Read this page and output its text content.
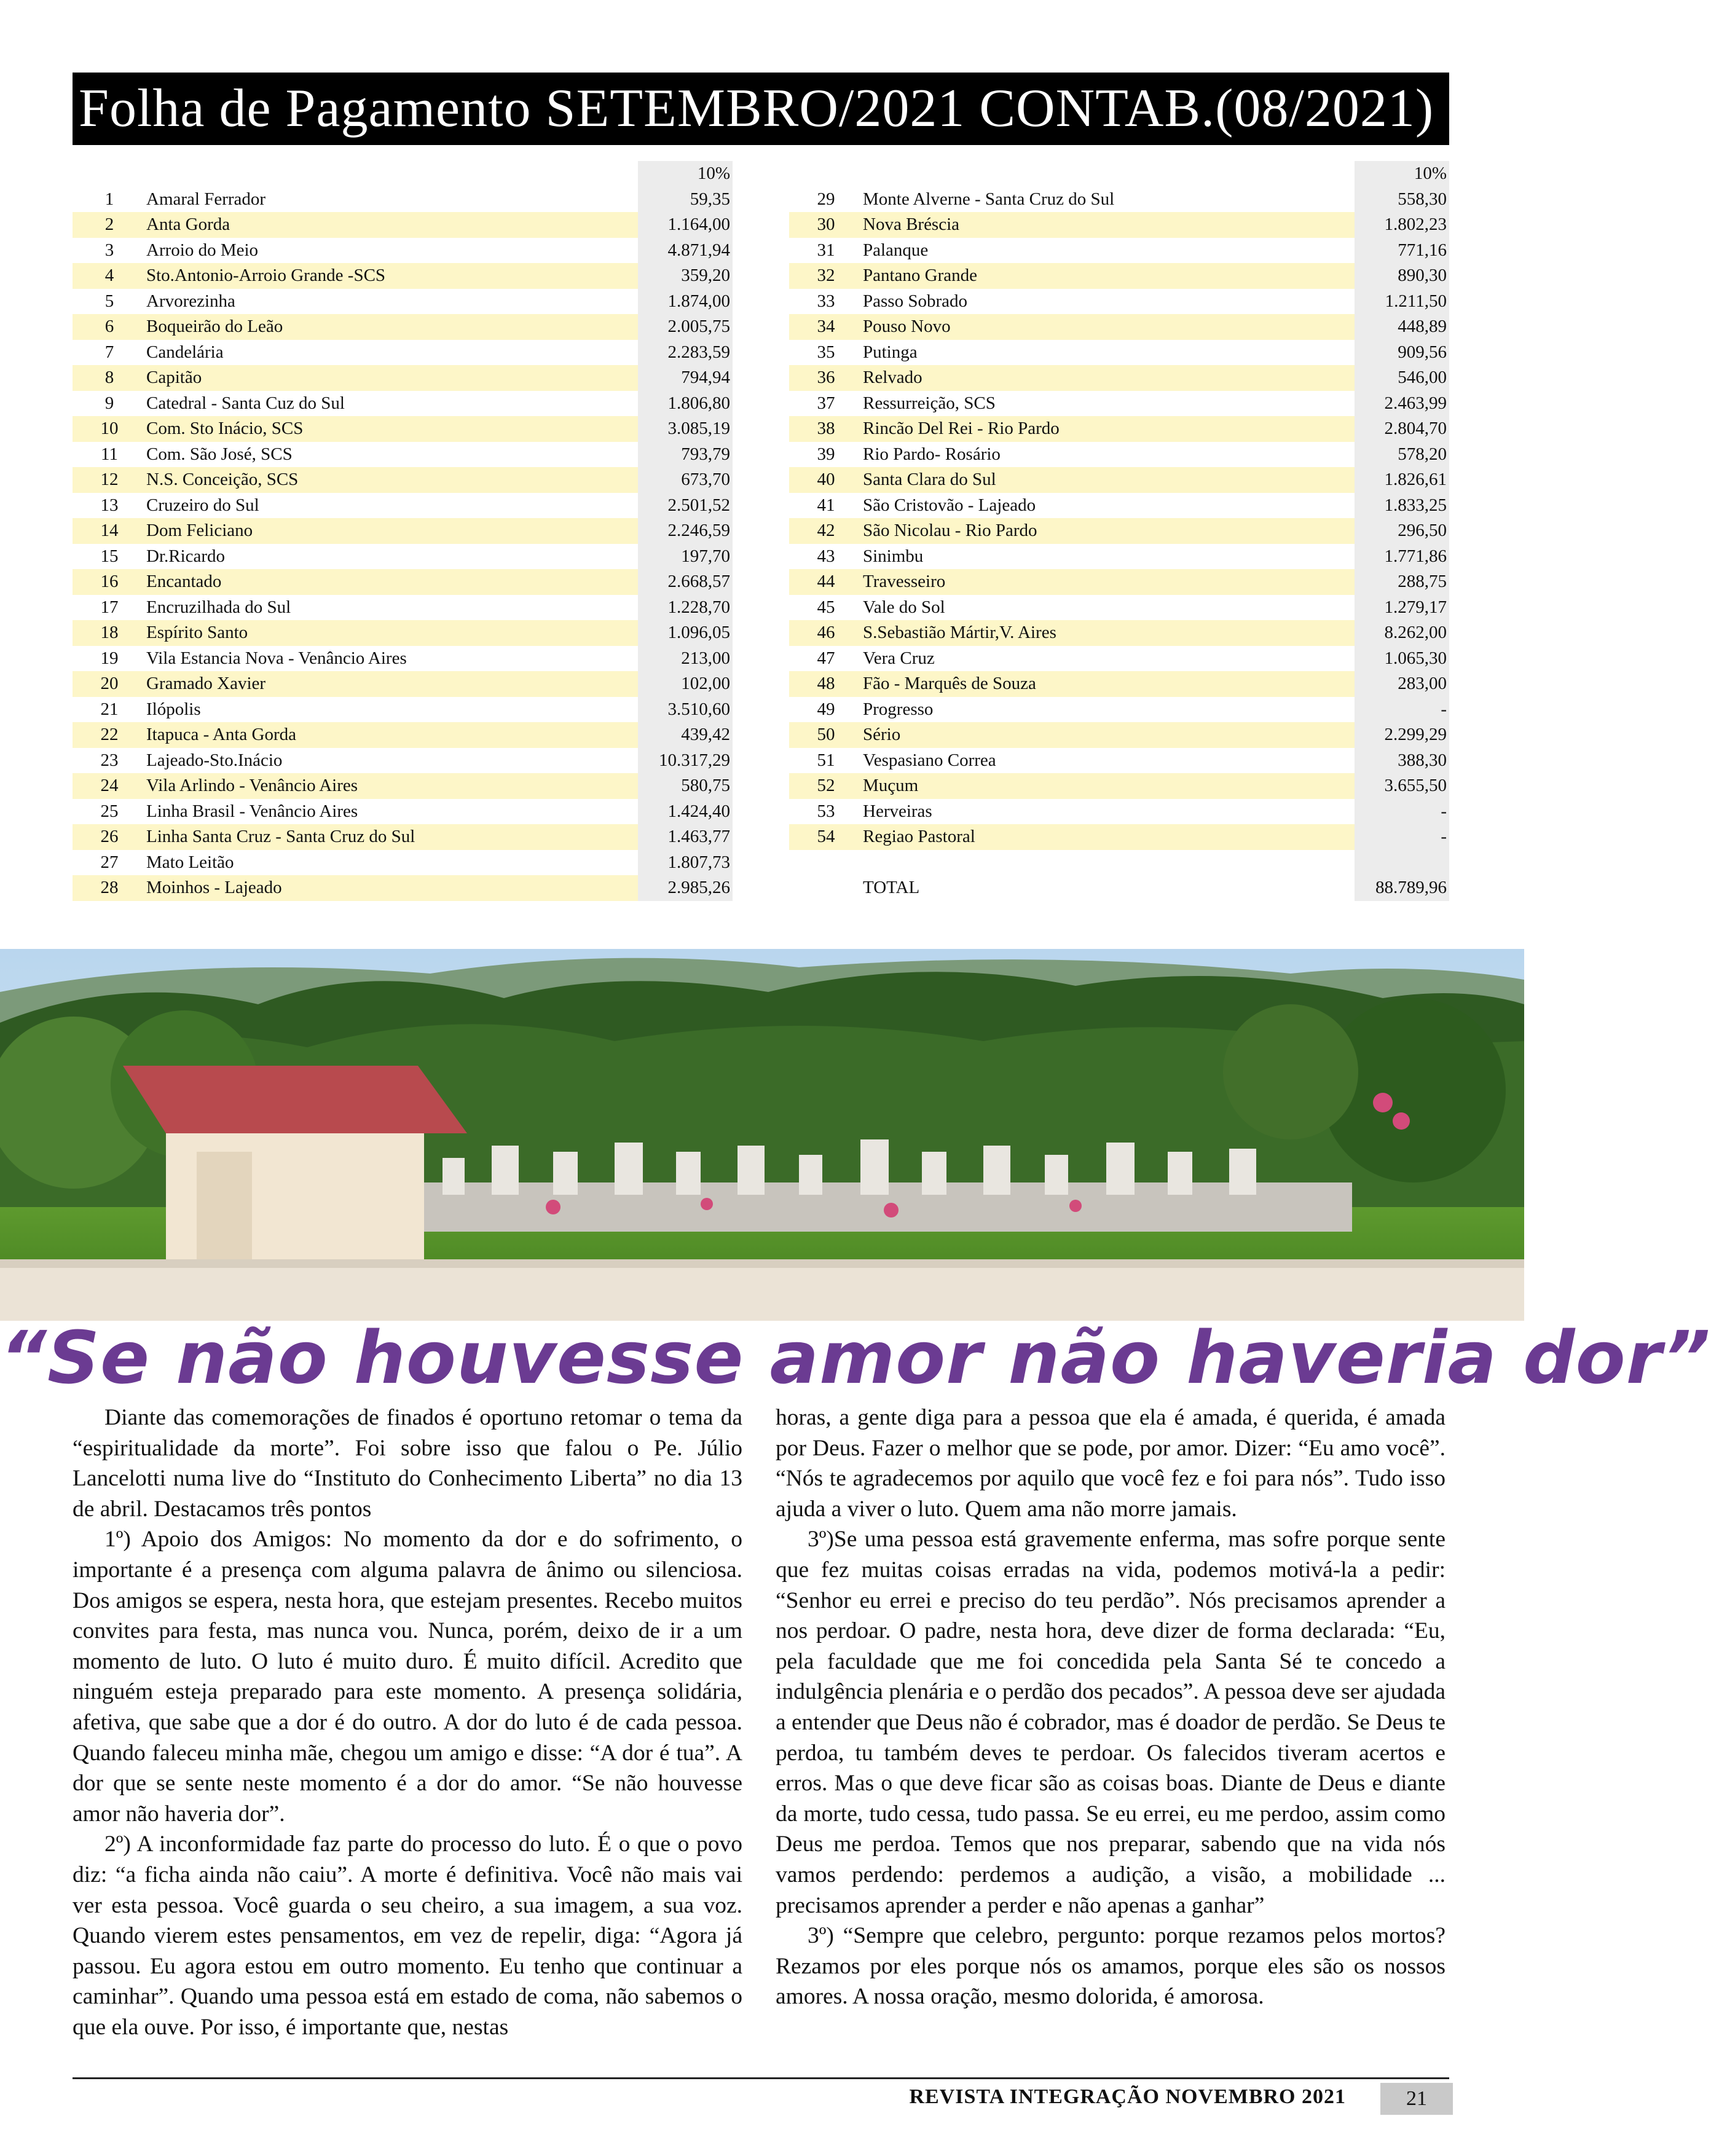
Folha de Pagamento SETEMBRO/2021 CONTAB.(08/2021)
		10%
1	Amaral Ferrador	59,35
2	Anta Gorda	1.164,00
3	Arroio do Meio	4.871,94
4	Sto.Antonio-Arroio Grande -SCS	359,20
5	Arvorezinha	1.874,00
6	Boqueirão do Leão	2.005,75
7	Candelária	2.283,59
8	Capitão	794,94
9	Catedral - Santa Cuz do Sul	1.806,80
10	Com. Sto Inácio, SCS	3.085,19
11	Com. São José, SCS	793,79
12	N.S. Conceição, SCS	673,70
13	Cruzeiro do Sul	2.501,52
14	Dom Feliciano	2.246,59
15	Dr.Ricardo	197,70
16	Encantado	2.668,57
17	Encruzilhada do Sul	1.228,70
18	Espírito Santo	1.096,05
19	Vila Estancia Nova - Venâncio Aires	213,00
20	Gramado Xavier	102,00
21	Ilópolis	3.510,60
22	Itapuca - Anta Gorda	439,42
23	Lajeado-Sto.Inácio	10.317,29
24	Vila Arlindo - Venâncio Aires	580,75
25	Linha Brasil - Venâncio Aires	1.424,40
26	Linha Santa Cruz - Santa Cruz do Sul	1.463,77
27	Mato Leitão	1.807,73
28	Moinhos - Lajeado	2.985,26
		10%
29	Monte Alverne - Santa Cruz do Sul	558,30
30	Nova Bréscia	1.802,23
31	Palanque	771,16
32	Pantano Grande	890,30
33	Passo Sobrado	1.211,50
34	Pouso Novo	448,89
35	Putinga	909,56
36	Relvado	546,00
37	Ressurreição, SCS	2.463,99
38	Rincão Del Rei - Rio Pardo	2.804,70
39	Rio Pardo- Rosário	578,20
40	Santa Clara do Sul	1.826,61
41	São Cristovão - Lajeado	1.833,25
42	São Nicolau - Rio Pardo	296,50
43	Sinimbu	1.771,86
44	Travesseiro	288,75
45	Vale do Sol	1.279,17
46	S.Sebastião Mártir,V. Aires	8.262,00
47	Vera Cruz	1.065,30
48	Fão - Marquês de Souza	283,00
49	Progresso	-
50	Sério	2.299,29
51	Vespasiano Correa	388,30
52	Muçum	3.655,50
53	Herveiras	-
54	Regiao Pastoral	-

	TOTAL	88.789,96
“Se não houvesse amor não haveria dor”

Diante das comemorações de finados é oportuno retomar o tema da “espiritualidade da morte”. Foi sobre isso que falou o Pe. Júlio Lancelotti numa live do “Instituto do Conhecimento Liberta” no dia 13 de abril. Destacamos três pontos

1º) Apoio dos Amigos: No momento da dor e do sofrimento, o importante é a presença com alguma palavra de ânimo ou silenciosa. Dos amigos se espera, nesta hora, que estejam presentes. Recebo muitos convites para festa, mas nunca vou. Nunca, porém, deixo de ir a um momento de luto. O luto é muito duro. É muito difícil. Acredito que ninguém esteja preparado para este momento. A presença solidária, afetiva, que sabe que a dor é do outro. A dor do luto é de cada pessoa. Quando faleceu minha mãe, chegou um amigo e disse: “A dor é tua”. A dor que se sente neste momento é a dor do amor. “Se não houvesse amor não haveria dor”.

2º) A inconformidade faz parte do processo do luto. É o que o povo diz: “a ficha ainda não caiu”. A morte é definitiva. Você não mais vai ver esta pessoa. Você guarda o seu cheiro, a sua imagem, a sua voz. Quando vierem estes pensamentos, em vez de repelir, diga: “Agora já passou. Eu agora estou em outro momento. Eu tenho que continuar a caminhar”. Quando uma pessoa está em estado de coma, não sabemos o que ela ouve. Por isso, é importante que, nestas

horas, a gente diga para a pessoa que ela é amada, é querida, é amada por Deus. Fazer o melhor que se pode, por amor. Dizer: “Eu amo você”. “Nós te agradecemos por aquilo que você fez e foi para nós”. Tudo isso ajuda a viver o luto. Quem ama não morre jamais.

3º)Se uma pessoa está gravemente enferma, mas sofre porque sente que fez muitas coisas erradas na vida, podemos motivá-la a pedir: “Senhor eu errei e preciso do teu perdão”. Nós precisamos aprender a nos perdoar. O padre, nesta hora, deve dizer de forma declarada: “Eu, pela faculdade que me foi concedida pela Santa Sé te concedo a indulgência plenária e o perdão dos pecados”. A pessoa deve ser ajudada a entender que Deus não é cobrador, mas é doador de perdão. Se Deus te perdoa, tu também deves te perdoar. Os falecidos tiveram acertos e erros. Mas o que deve ficar são as coisas boas. Diante de Deus e diante da morte, tudo cessa, tudo passa. Se eu errei, eu me perdoo, assim como Deus me perdoa. Temos que nos preparar, sabendo que na vida nós vamos perdendo: perdemos a audição, a visão, a mobilidade ... precisamos aprender a perder e não apenas a ganhar”

3º) “Sempre que celebro, pergunto: porque rezamos pelos mortos? Rezamos por eles porque nós os amamos, porque eles são os nossos amores. A nossa oração, mesmo dolorida, é amorosa.

REVISTA INTEGRAÇÃO NOVEMBRO 2021	21
